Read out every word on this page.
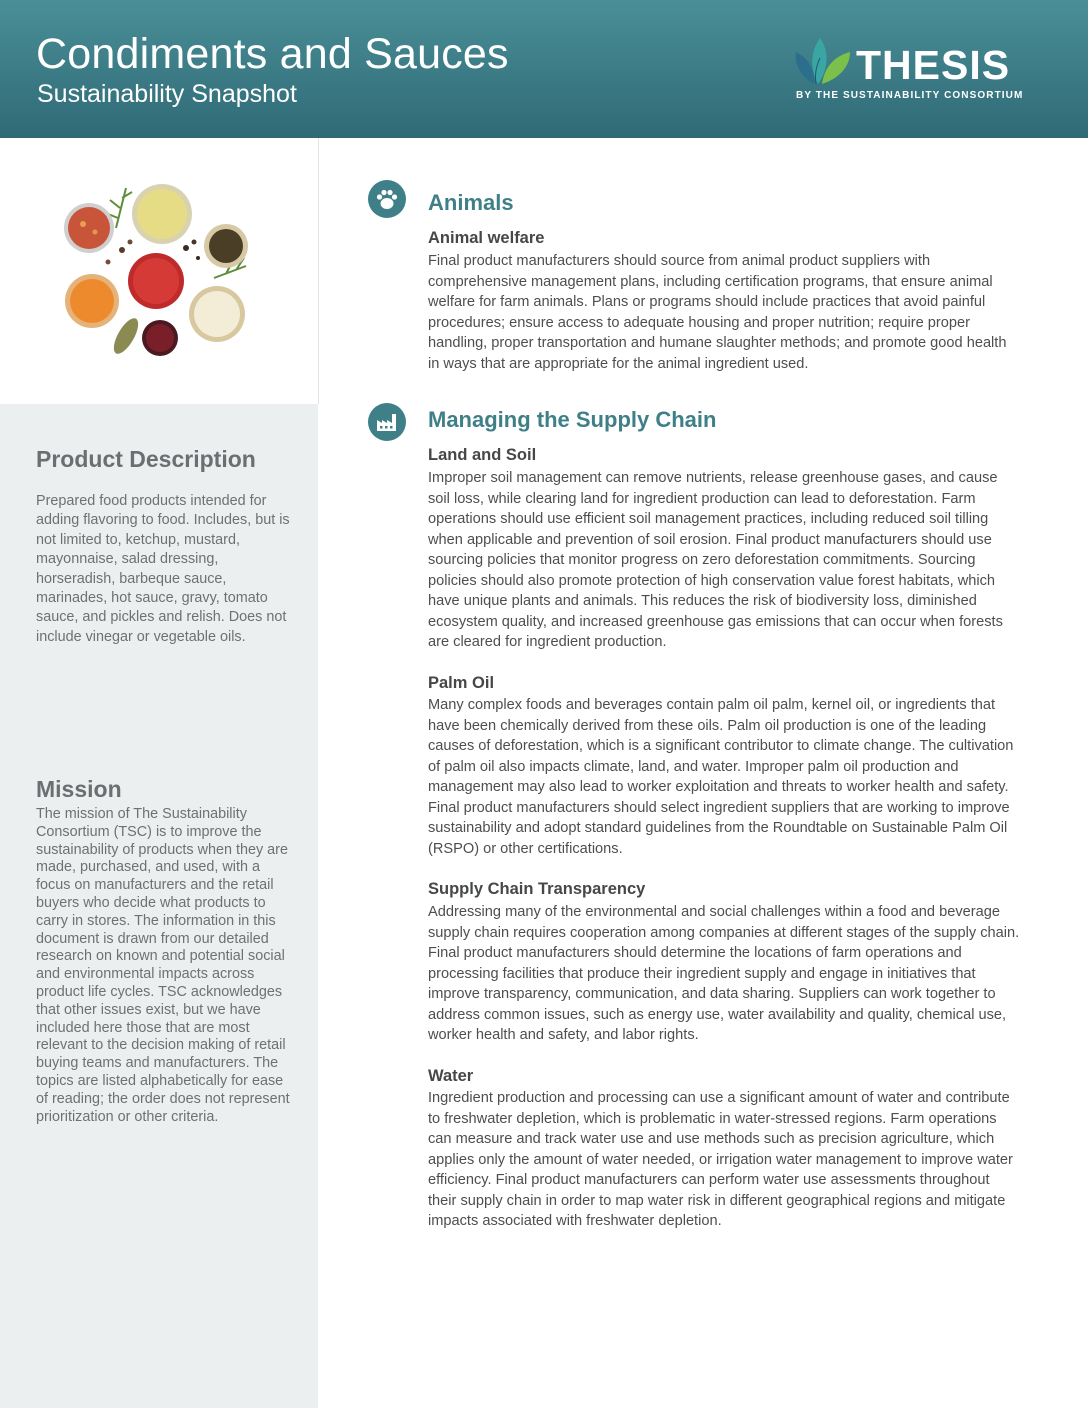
Condiments and Sauces
Sustainability Snapshot
THESIS
BY THE SUSTAINABILITY CONSORTIUM
Product Description

Prepared food products intended for adding flavoring to food. Includes, but is not limited to, ketchup, mustard, mayonnaise, salad dressing, horseradish, barbeque sauce, marinades, hot sauce, gravy, tomato sauce, and pickles and relish. Does not include vinegar or vegetable oils.

Mission

The mission of The Sustainability Consortium (TSC) is to improve the sustainability of products when they are made, purchased, and used, with a focus on manufacturers and the retail buyers who decide what products to carry in stores. The information in this document is drawn from our detailed research on known and potential social and environmental impacts across product life cycles. TSC acknowledges that other issues exist, but we have included here those that are most relevant to the decision making of retail buying teams and manufacturers. The topics are listed alphabetically for ease of reading; the order does not represent prioritization or other criteria.

Animals
Animal welfare

Final product manufacturers should source from animal product suppliers with comprehensive management plans, including certification programs, that ensure animal welfare for farm animals. Plans or programs should include practices that avoid painful procedures; ensure access to adequate housing and proper nutrition; require proper handling, proper transportation and humane slaughter methods; and promote good health in ways that are appropriate for the animal ingredient used.

Managing the Supply Chain
Land and Soil

Improper soil management can remove nutrients, release greenhouse gases, and cause soil loss, while clearing land for ingredient production can lead to deforestation. Farm operations should use efficient soil management practices, including reduced soil tilling when applicable and prevention of soil erosion. Final product manufacturers should use sourcing policies that monitor progress on zero deforestation commitments. Sourcing policies should also promote protection of high conservation value forest habitats, which have unique plants and animals. This reduces the risk of biodiversity loss, diminished ecosystem quality, and increased greenhouse gas emissions that can occur when forests are cleared for ingredient production.

Palm Oil

Many complex foods and beverages contain palm oil palm, kernel oil, or ingredients that have been chemically derived from these oils. Palm oil production is one of the leading causes of deforestation, which is a significant contributor to climate change. The cultivation of palm oil also impacts climate, land, and water. Improper palm oil production and management may also lead to worker exploitation and threats to worker health and safety. Final product manufacturers should select ingredient suppliers that are working to improve sustainability and adopt standard guidelines from the Roundtable on Sustainable Palm Oil (RSPO) or other certifications.

Supply Chain Transparency

Addressing many of the environmental and social challenges within a food and beverage supply chain requires cooperation among companies at different stages of the supply chain. Final product manufacturers should determine the locations of farm operations and processing facilities that produce their ingredient supply and engage in initiatives that improve transparency, communication, and data sharing. Suppliers can work together to address common issues, such as energy use, water availability and quality, chemical use, worker health and safety, and labor rights.

Water

Ingredient production and processing can use a significant amount of water and contribute to freshwater depletion, which is problematic in water-stressed regions. Farm operations can measure and track water use and use methods such as precision agriculture, which applies only the amount of water needed, or irrigation water management to improve water efficiency. Final product manufacturers can perform water use assessments throughout their supply chain in order to map water risk in different geographical regions and mitigate impacts associated with freshwater depletion.
